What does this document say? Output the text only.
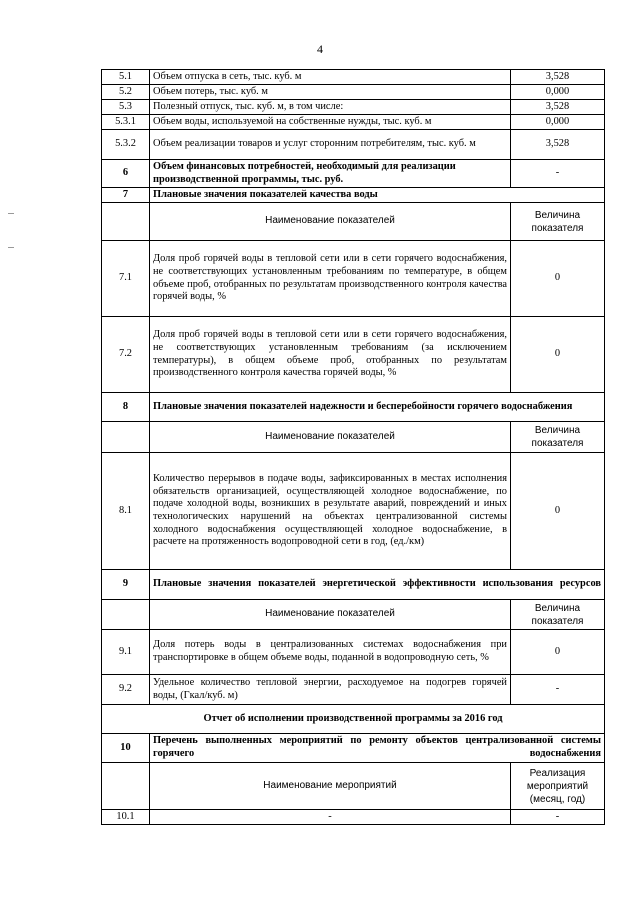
4
5.1	Объем отпуска в сеть, тыс. куб. м	3,528
5.2	Объем потерь, тыс. куб. м	0,000
5.3	Полезный отпуск, тыс. куб. м, в том числе:	3,528
5.3.1	Объем воды, используемой на собственные нужды, тыс. куб. м	0,000
5.3.2	Объем реализации товаров и услуг сторонним потребителям, тыс. куб. м	3,528
6	Объем финансовых потребностей, необходимый для реализации производственной программы, тыс. руб.	-
7	Плановые значения показателей качества воды	
	Наименование показателей	Величина показателя
7.1	Доля проб горячей воды в тепловой сети или в сети горячего водоснабжения, не соответствующих установленным требованиям по температуре, в общем объеме проб, отобранных по результатам производственного контроля качества горячей воды, %	0
7.2	Доля проб горячей воды в тепловой сети или в сети горячего водоснабжения, не соответствующих установленным требованиям (за исключением температуры), в общем объеме проб, отобранных по результатам производственного контроля качества горячей воды, %	0
8	Плановые значения показателей надежности и бесперебойности горячего водоснабжения	
	Наименование показателей	Величина показателя
8.1	Количество перерывов в подаче воды, зафиксированных в местах исполнения обязательств организацией, осуществляющей холодное водоснабжение, по подаче холодной воды, возникших в результате аварий, повреждений и иных технологических нарушений на объектах централизованной системы холодного водоснабжения осуществляющей холодное водоснабжение, в расчете на протяженность водопроводной сети в год, (ед./км)	0
9	Плановые значения показателей энергетической эффективности использования ресурсов	
	Наименование показателей	Величина показателя
9.1	Доля потерь воды в централизованных системах водоснабжения при транспортировке в общем объеме воды, поданной в водопроводную сеть, %	0
9.2	Удельное количество тепловой энергии, расходуемое на подогрев горячей воды, (Гкал/куб. м)	-
Отчет об исполнении производственной программы за 2016 год		
10	Перечень выполненных мероприятий по ремонту объектов централизованной системы горячего водоснабжения	
	Наименование мероприятий	Реализация мероприятий (месяц, год)
10.1	-	-
